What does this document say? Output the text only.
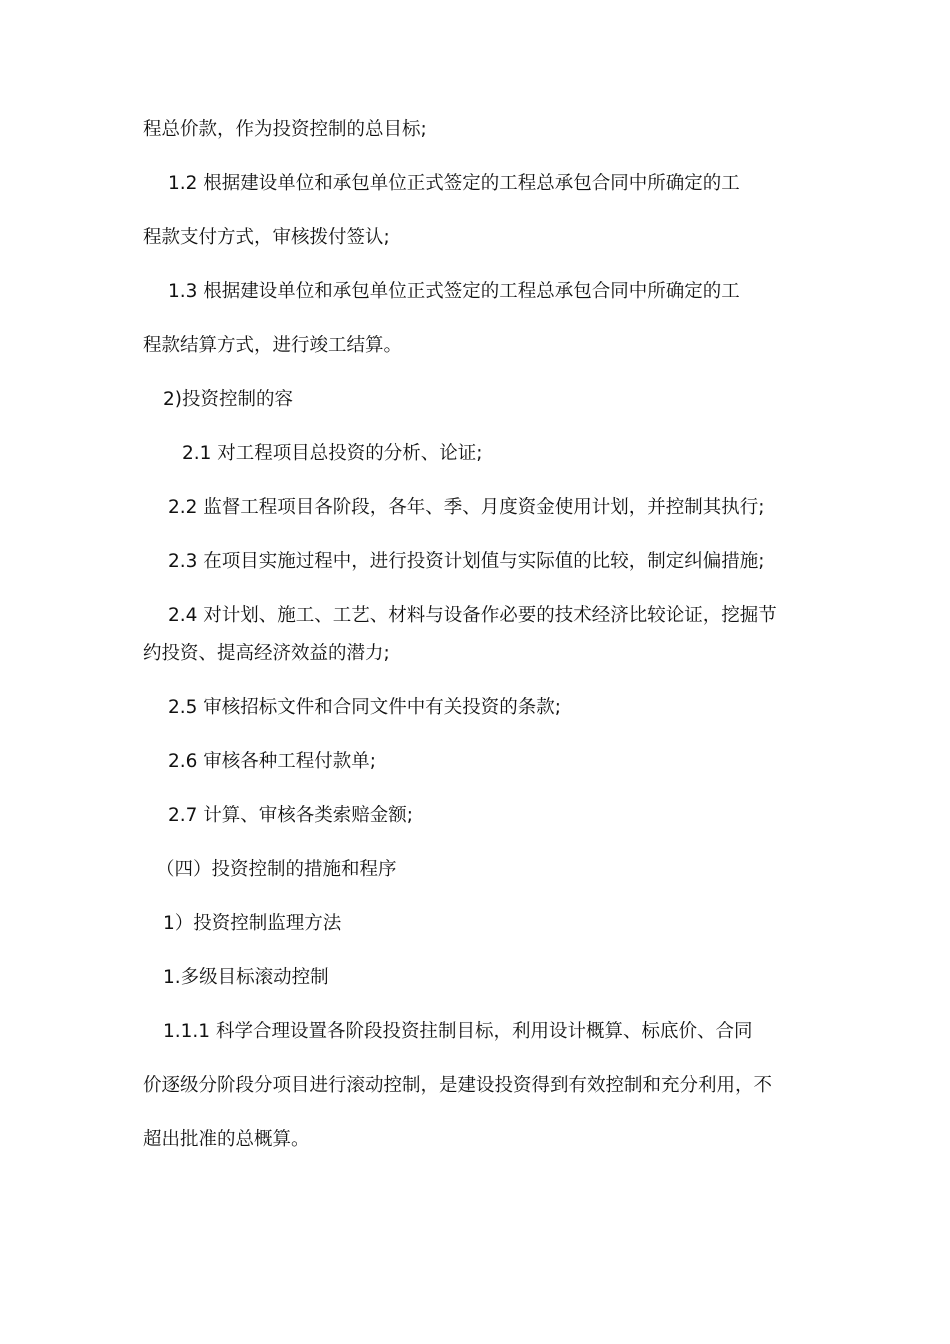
程总价款，作为投资控制的总目标;
1.2 根据建设单位和承包单位正式签定的工程总承包合同中所确定的工
程款支付方式，审核拨付签认;
1.3 根据建设单位和承包单位正式签定的工程总承包合同中所确定的工
程款结算方式，进行竣工结算。
2)投资控制的容
2.1 对工程项目总投资的分析、论证;
2.2 监督工程项目各阶段，各年、季、月度资金使用计划，并控制其执行;
2.3 在项目实施过程中，进行投资计划值与实际值的比较，制定纠偏措施;
2.4 对计划、施工、工艺、材料与设备作必要的技术经济比较论证，挖掘节
约投资、提高经济效益的潜力;
2.5 审核招标文件和合同文件中有关投资的条款;
2.6 审核各种工程付款单;
2.7 计算、审核各类索赔金额;
（四）投资控制的措施和程序
1）投资控制监理方法
1.多级目标滚动控制
1.1.1 科学合理设置各阶段投资拄制目标，利用设计概算、标底价、合同
价逐级分阶段分项目进行滚动控制，是建设投资得到有效控制和充分利用，不
超出批准的总概算。
